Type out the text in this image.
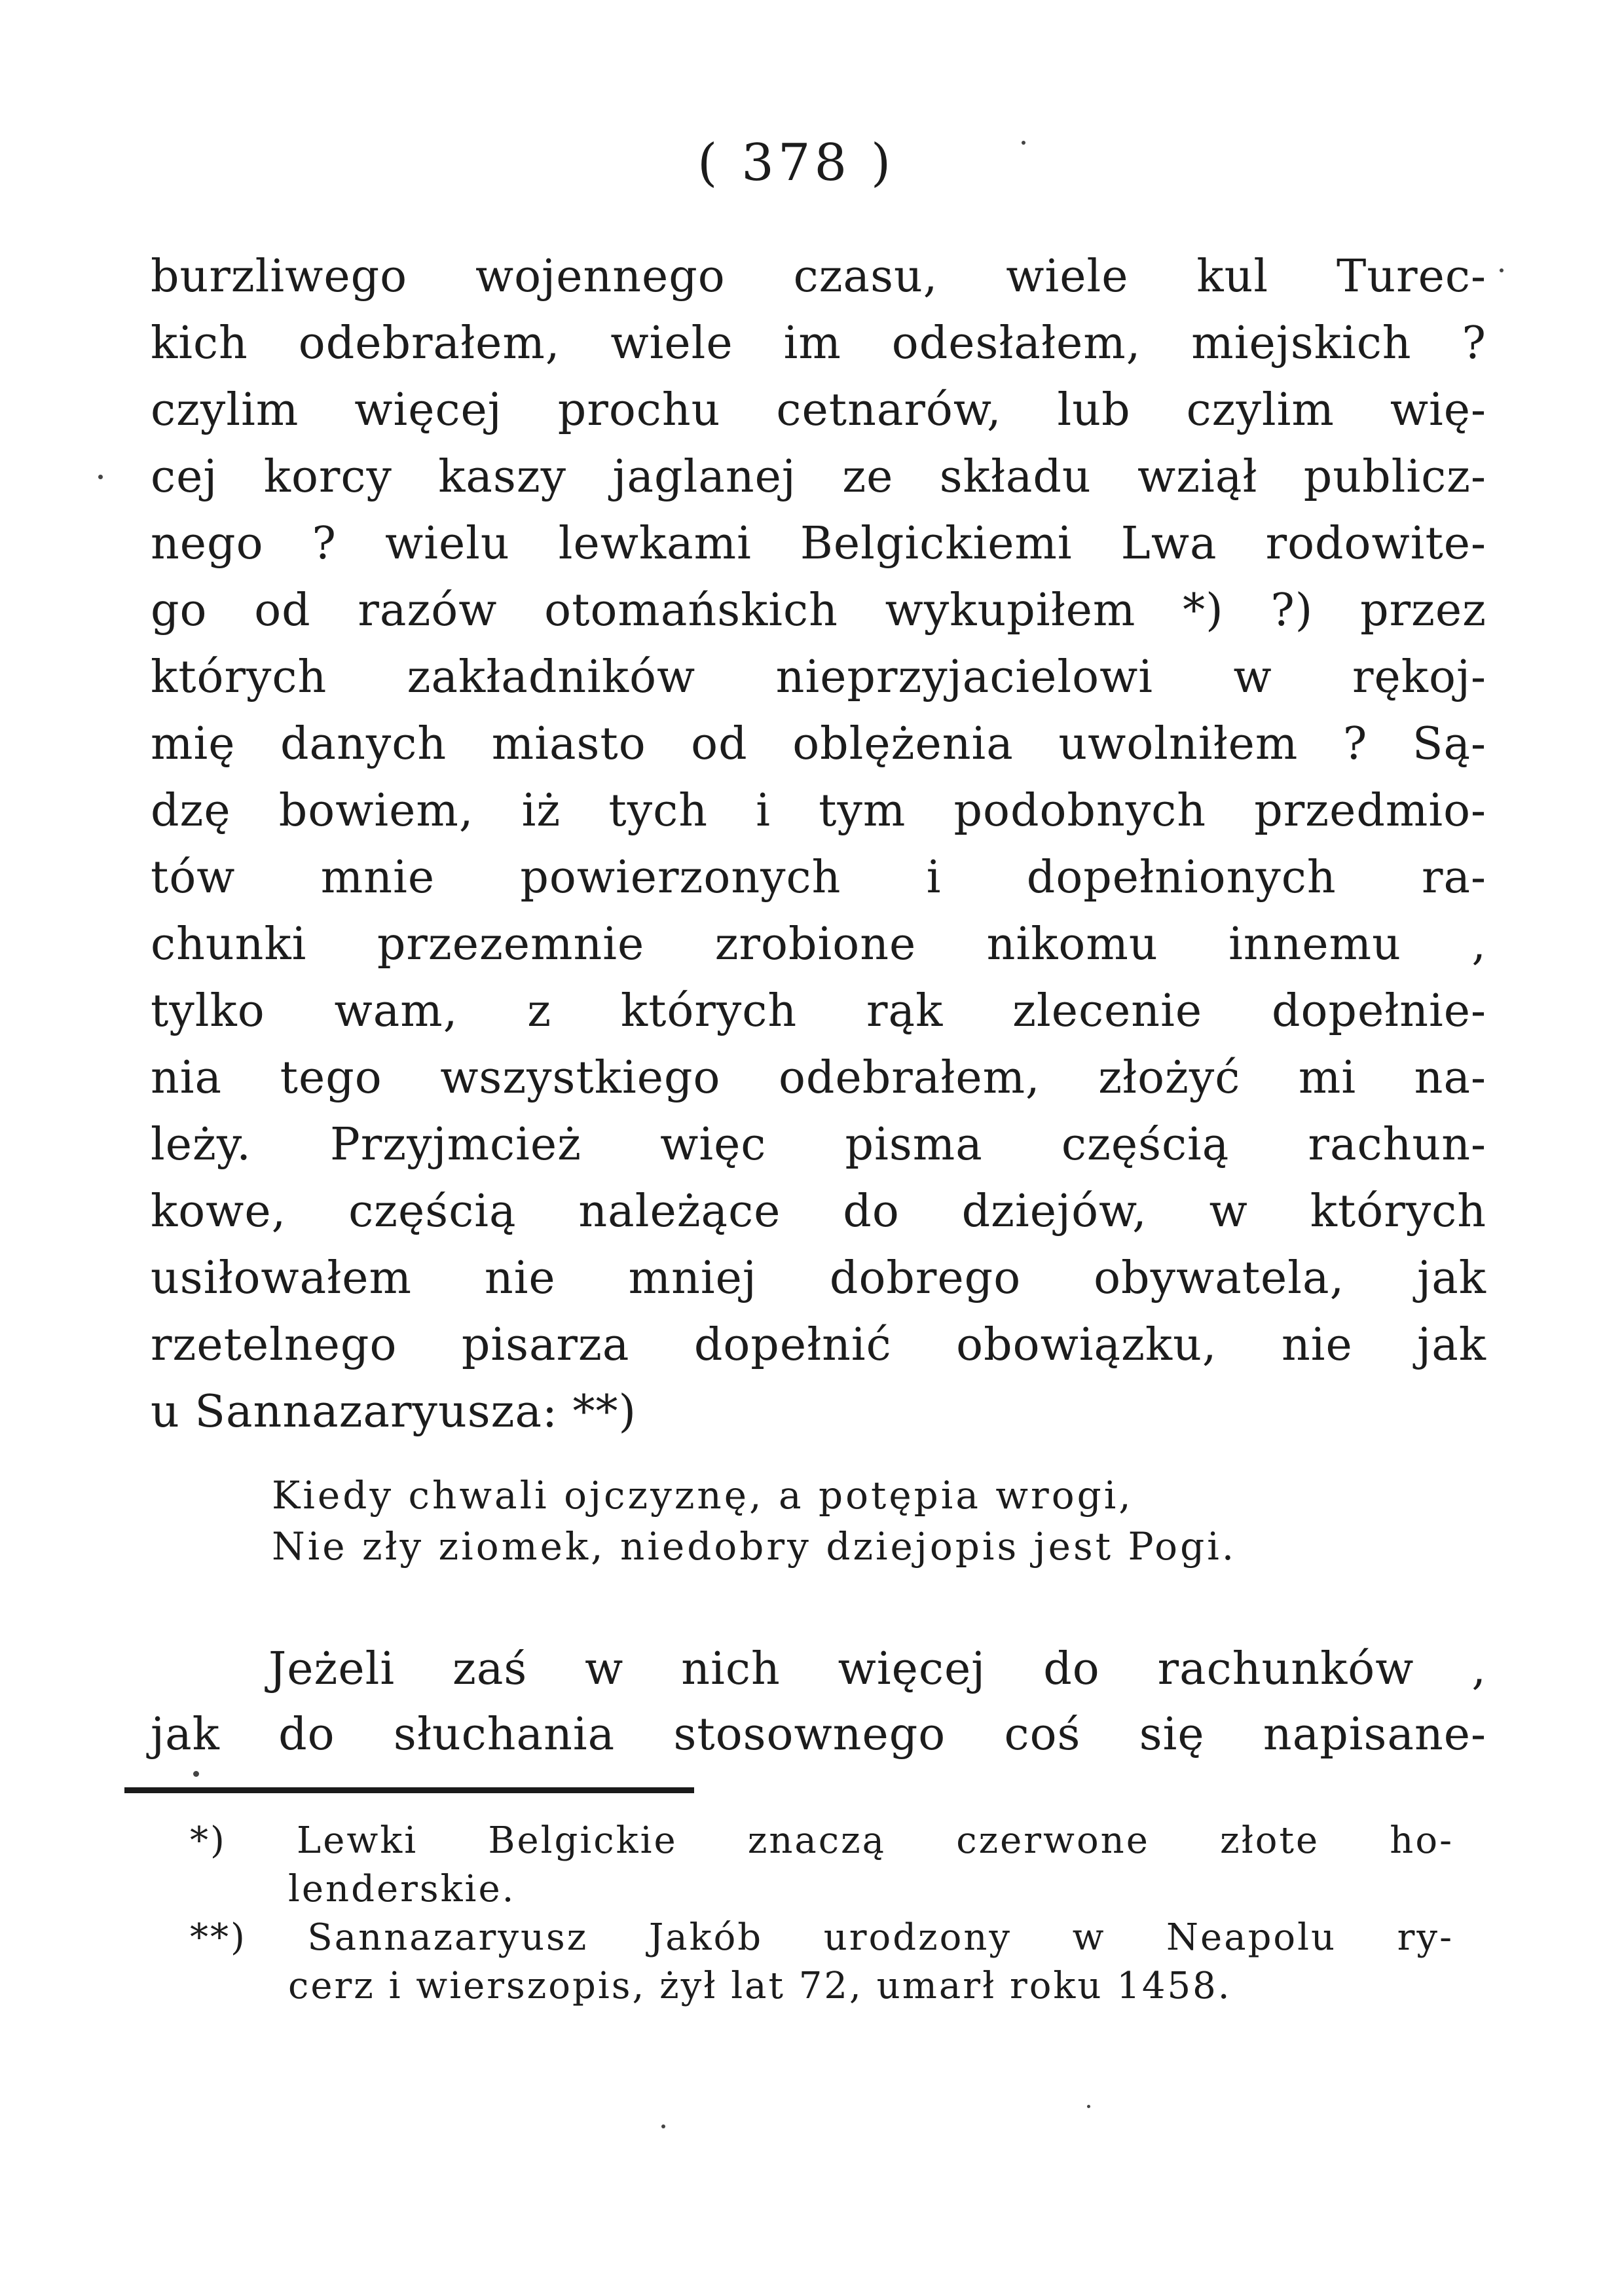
( 378 )
burzliwego wojennego czasu, wiele kul Turec-
kich odebrałem, wiele im odesłałem, miejskich ?
czylim więcej prochu cetnarów, lub czylim wię-
cej korcy kaszy jaglanej ze składu wziął publicz-
nego ? wielu lewkami Belgickiemi Lwa rodowite-
go od razów otomańskich wykupiłem *) ?) przez
których zakładników nieprzyjacielowi w rękoj-
mię danych miasto od oblężenia uwolniłem ? Są-
dzę bowiem, iż tych i tym podobnych przedmio-
tów mnie powierzonych i dopełnionych ra-
chunki przezemnie zrobione nikomu innemu ,
tylko wam, z których rąk zlecenie dopełnie-
nia tego wszystkiego odebrałem, złożyć mi na-
leży. Przyjmcież więc pisma częścią rachun-
kowe, częścią należące do dziejów, w których
usiłowałem nie mniej dobrego obywatela, jak
rzetelnego pisarza dopełnić obowiązku, nie jak
u Sannazaryusza: **)
Kiedy chwali ojczyznę, a potępia wrogi,
Nie zły ziomek, niedobry dziejopis jest Pogi.
Jeżeli zaś w nich więcej do rachunków ,
jak do słuchania stosownego coś się napisane-
*) Lewki Belgickie znaczą czerwone złote ho-
lenderskie.
**) Sannazaryusz Jakób urodzony w Neapolu ry-
cerz i wierszopis, żył lat 72, umarł roku 1458.
